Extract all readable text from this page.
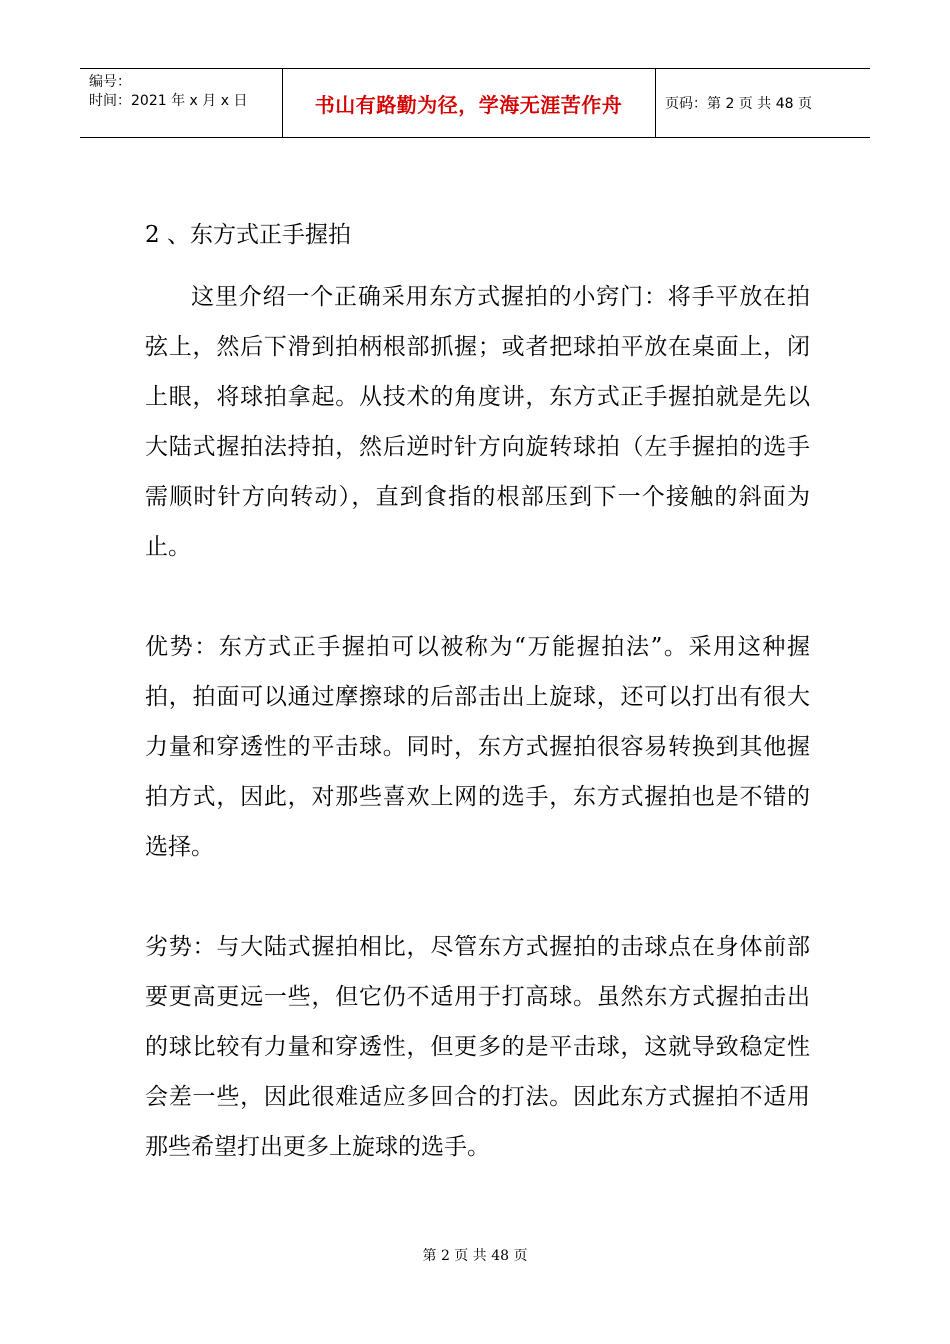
编号：
时间：2021 年 x 月 x 日	书山有路勤为径，学海无涯苦作舟	页码：第 2 页 共 48 页

2 、东方式正手握拍

这里介绍一个正确采用东方式握拍的小窍门：将手平放在拍弦上，然后下滑到拍柄根部抓握；或者把球拍平放在桌面上，闭上眼，将球拍拿起。从技术的角度讲，东方式正手握拍就是先以大陆式握拍法持拍，然后逆时针方向旋转球拍（左手握拍的选手需顺时针方向转动），直到食指的根部压到下一个接触的斜面为止。

优势：东方式正手握拍可以被称为“万能握拍法”。采用这种握拍，拍面可以通过摩擦球的后部击出上旋球，还可以打出有很大力量和穿透性的平击球。同时，东方式握拍很容易转换到其他握拍方式，因此，对那些喜欢上网的选手，东方式握拍也是不错的选择。

劣势：与大陆式握拍相比，尽管东方式握拍的击球点在身体前部要更高更远一些，但它仍不适用于打高球。虽然东方式握拍击出的球比较有力量和穿透性，但更多的是平击球，这就导致稳定性会差一些，因此很难适应多回合的打法。因此东方式握拍不适用那些希望打出更多上旋球的选手。

第 2 页 共 48 页
